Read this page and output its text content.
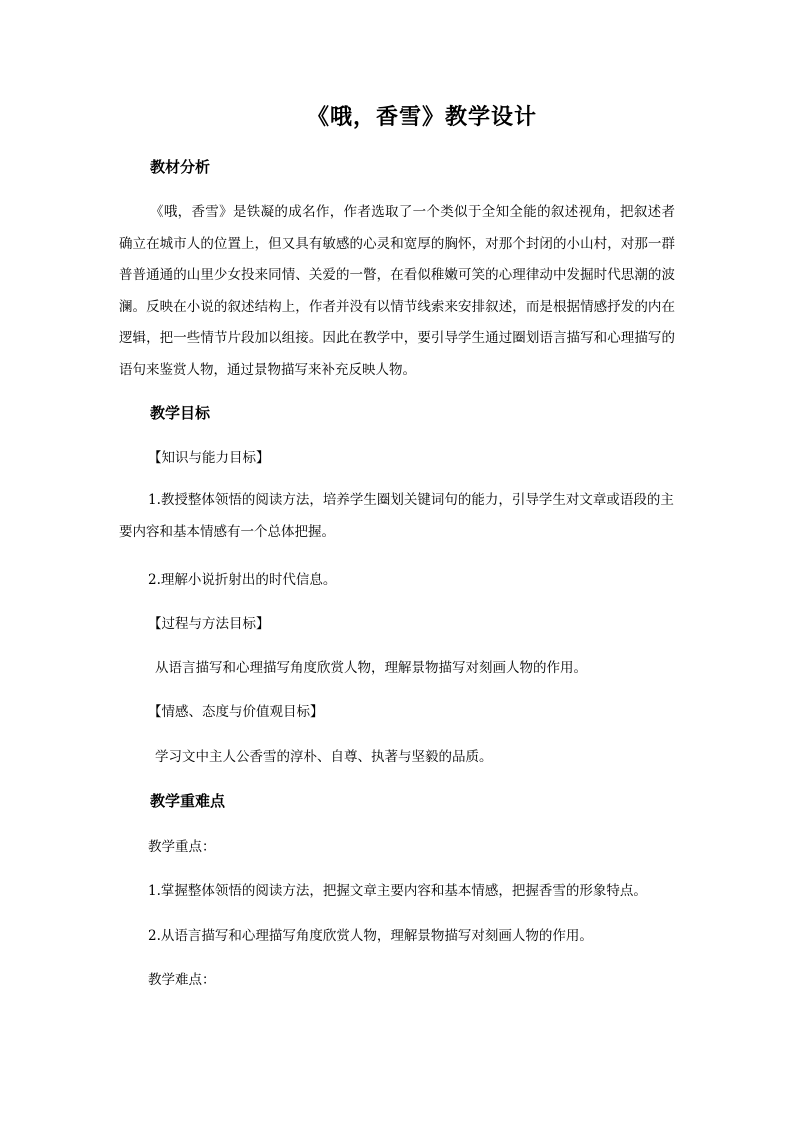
《哦，香雪》教学设计
教材分析
《哦，香雪》是铁凝的成名作，作者选取了一个类似于全知全能的叙述视角，把叙述者确立在城市人的位置上，但又具有敏感的心灵和宽厚的胸怀，对那个封闭的小山村，对那一群普普通通的山里少女投来同情、关爱的一瞥，在看似稚嫩可笑的心理律动中发掘时代思潮的波澜。反映在小说的叙述结构上，作者并没有以情节线索来安排叙述，而是根据情感抒发的内在逻辑，把一些情节片段加以组接。因此在教学中，要引导学生通过圈划语言描写和心理描写的语句来鉴赏人物，通过景物描写来补充反映人物。
教学目标
【知识与能力目标】
1.教授整体领悟的阅读方法，培养学生圈划关键词句的能力，引导学生对文章或语段的主要内容和基本情感有一个总体把握。
2.理解小说折射出的时代信息。
【过程与方法目标】
从语言描写和心理描写角度欣赏人物，理解景物描写对刻画人物的作用。
【情感、态度与价值观目标】
学习文中主人公香雪的淳朴、自尊、执著与坚毅的品质。
教学重难点
教学重点：
1.掌握整体领悟的阅读方法，把握文章主要内容和基本情感，把握香雪的形象特点。
2.从语言描写和心理描写角度欣赏人物，理解景物描写对刻画人物的作用。
教学难点：
